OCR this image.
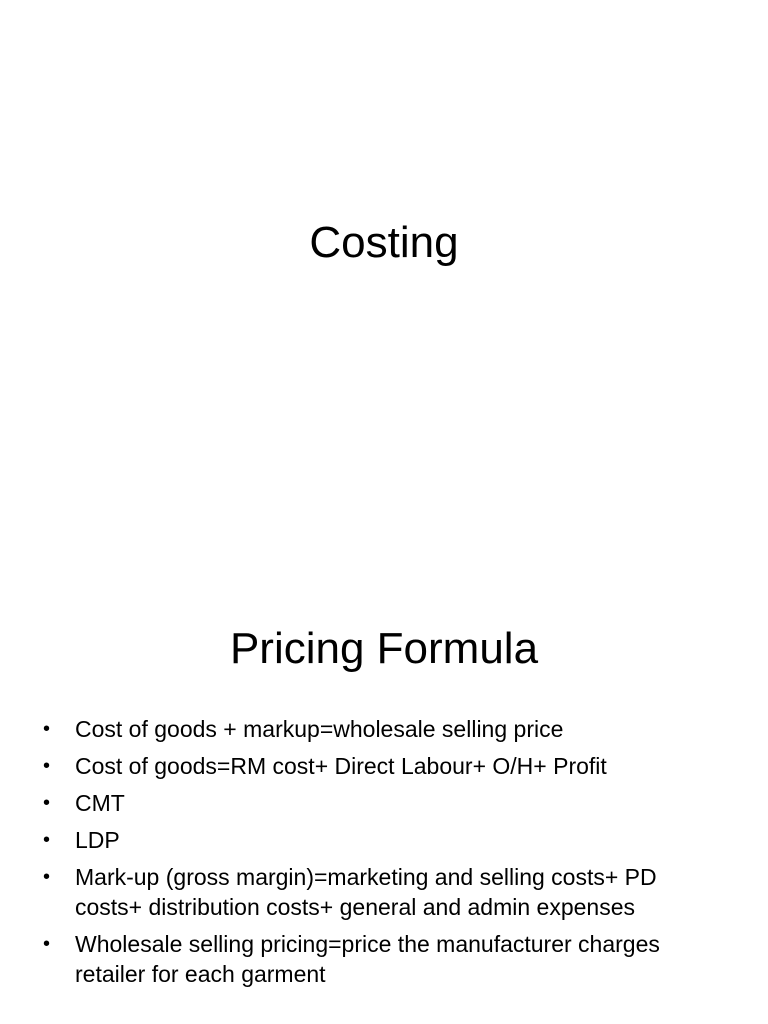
Costing
Pricing Formula
• Cost of goods + markup=wholesale selling price
• Cost of goods=RM cost+ Direct Labour+ O/H+ Profit
• CMT
• LDP
• Mark-up (gross margin)=marketing and selling costs+ PD costs+ distribution costs+ general and admin expenses
• Wholesale selling pricing=price the manufacturer charges retailer for each garment
